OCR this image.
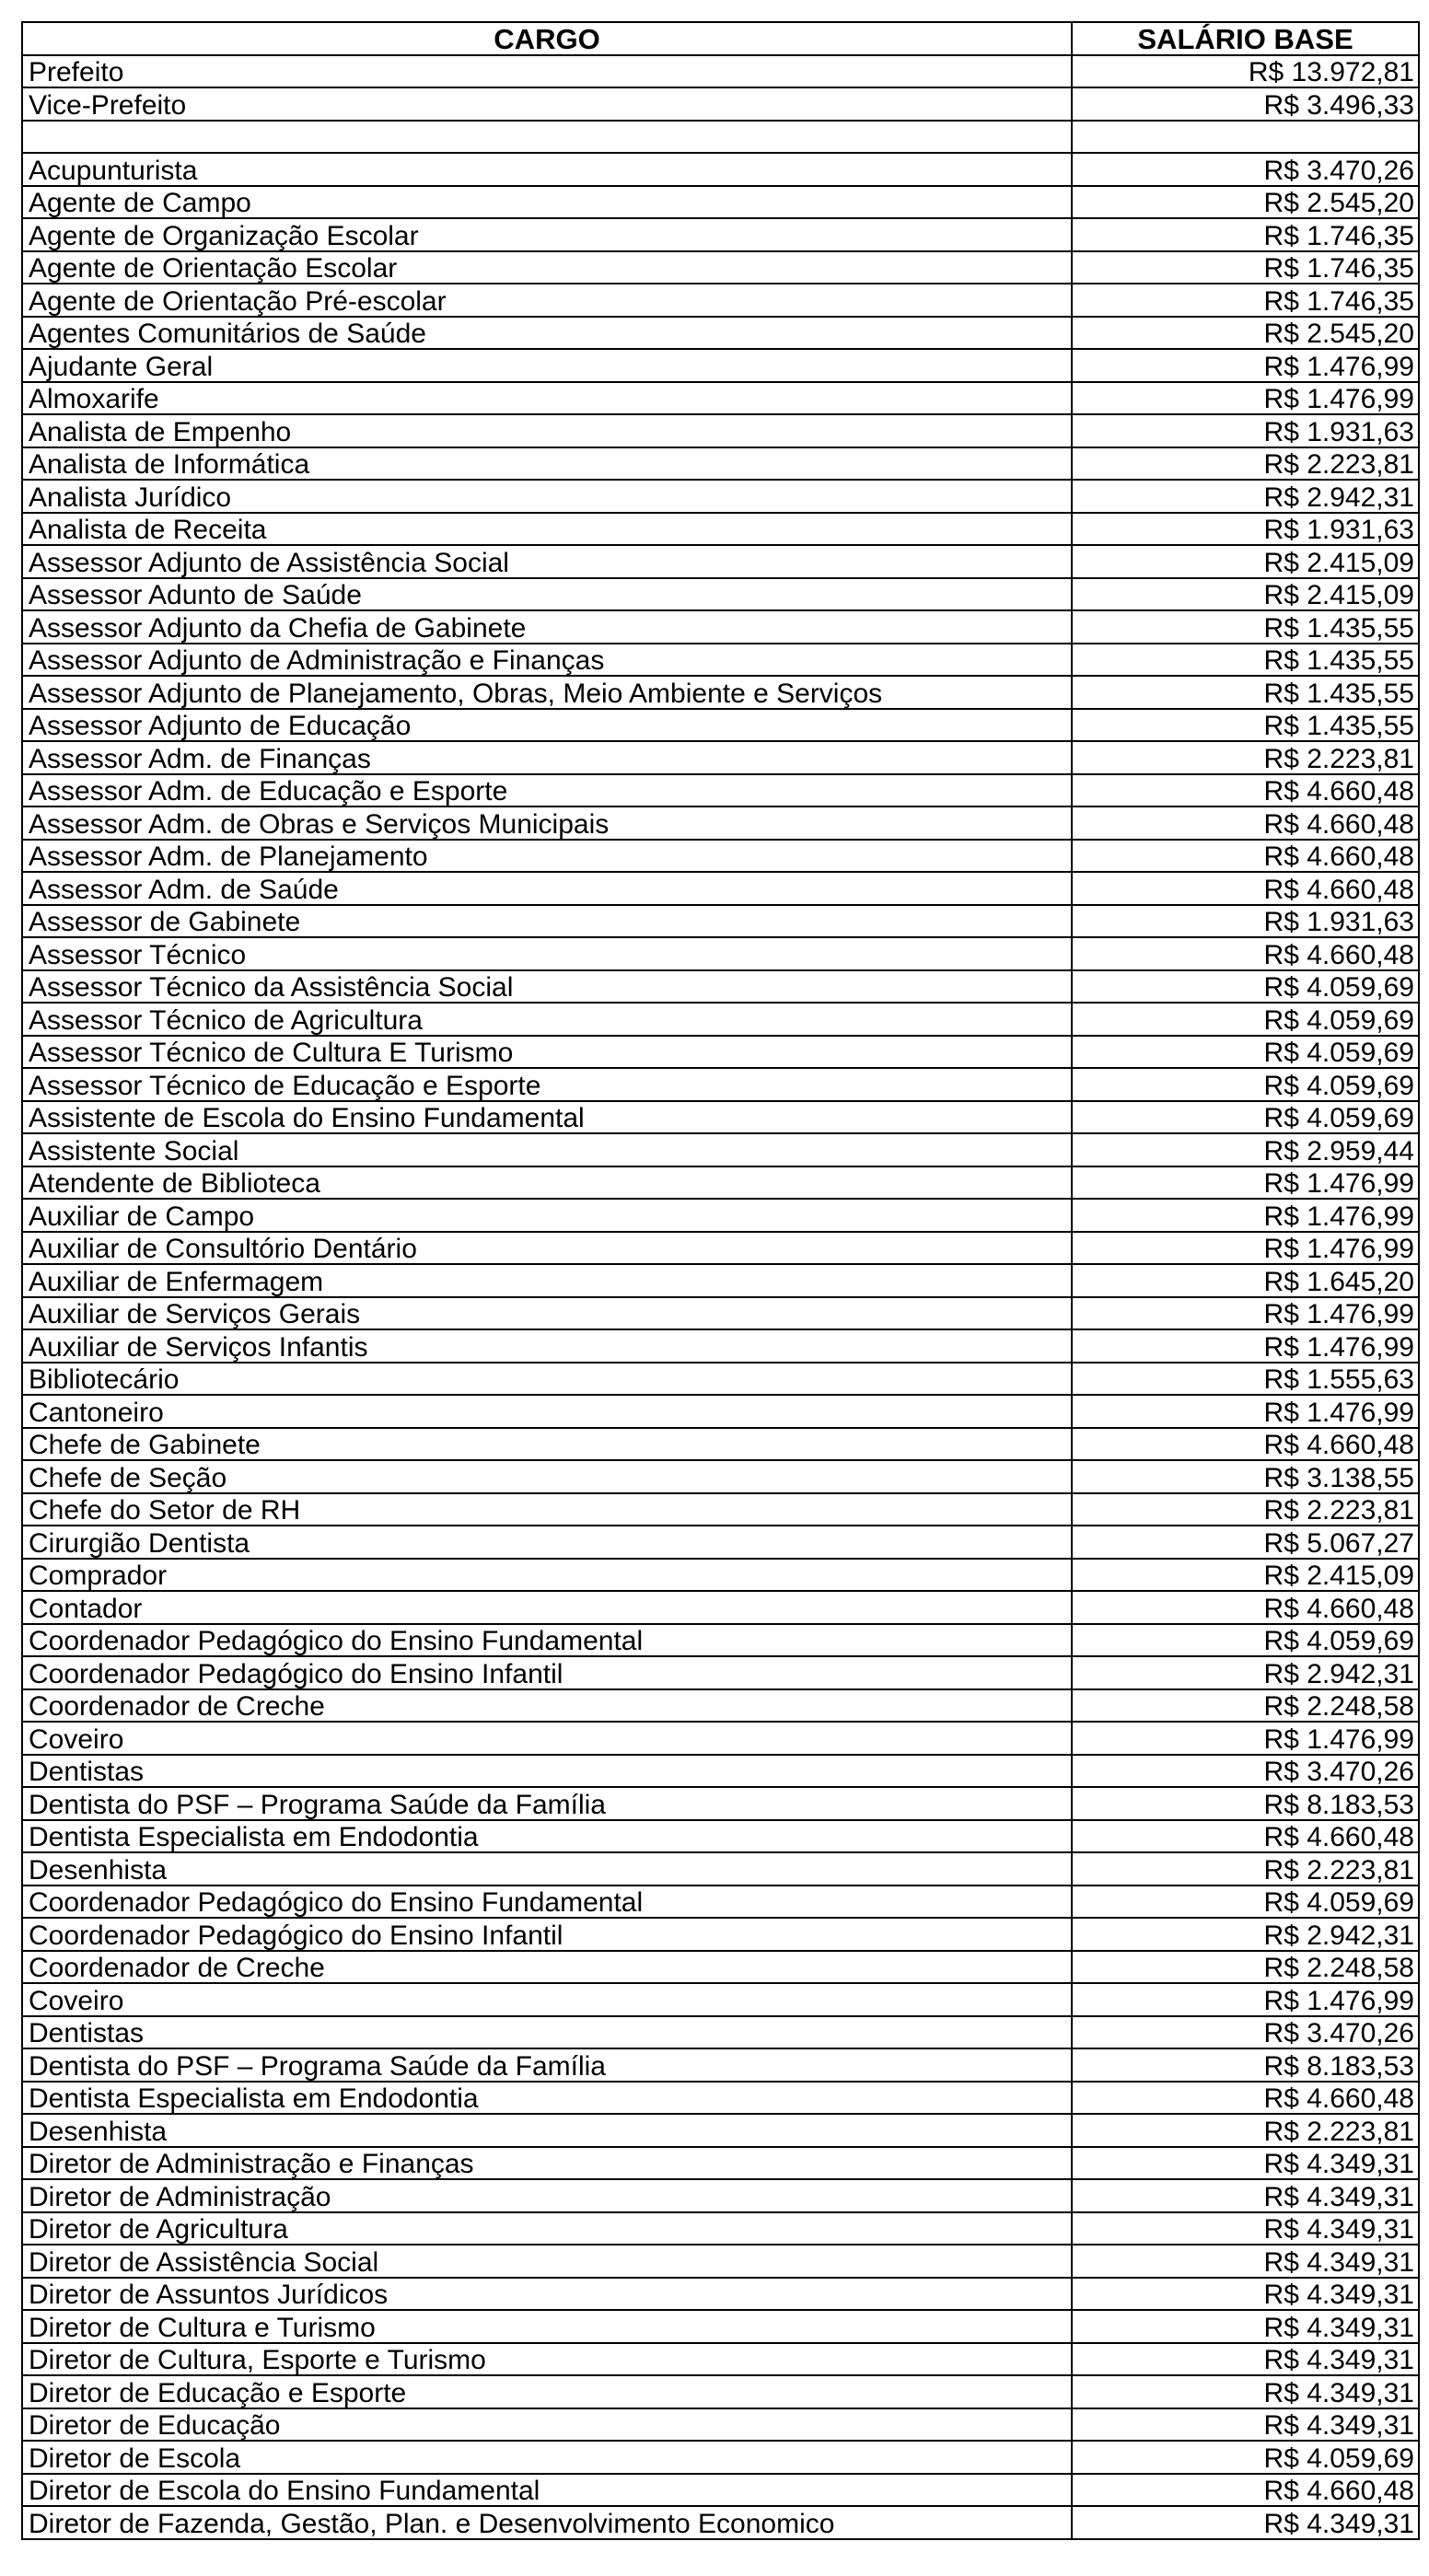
CARGO	SALÁRIO BASE
Prefeito	R$ 13.972,81
Vice-Prefeito	R$ 3.496,33

Acupunturista	R$ 3.470,26
Agente de Campo	R$ 2.545,20
Agente de Organização Escolar	R$ 1.746,35
Agente de Orientação Escolar	R$ 1.746,35
Agente de Orientação Pré-escolar	R$ 1.746,35
Agentes Comunitários de Saúde	R$ 2.545,20
Ajudante Geral	R$ 1.476,99
Almoxarife	R$ 1.476,99
Analista de Empenho	R$ 1.931,63
Analista de Informática	R$ 2.223,81
Analista Jurídico	R$ 2.942,31
Analista de Receita	R$ 1.931,63
Assessor Adjunto de Assistência Social	R$ 2.415,09
Assessor Adunto de Saúde	R$ 2.415,09
Assessor Adjunto da Chefia de Gabinete	R$ 1.435,55
Assessor Adjunto de Administração e Finanças	R$ 1.435,55
Assessor Adjunto de Planejamento, Obras, Meio Ambiente e Serviços	R$ 1.435,55
Assessor Adjunto de Educação	R$ 1.435,55
Assessor Adm. de Finanças	R$ 2.223,81
Assessor Adm. de Educação e Esporte	R$ 4.660,48
Assessor Adm. de Obras e Serviços Municipais	R$ 4.660,48
Assessor Adm. de Planejamento	R$ 4.660,48
Assessor Adm. de Saúde	R$ 4.660,48
Assessor de Gabinete	R$ 1.931,63
Assessor Técnico	R$ 4.660,48
Assessor Técnico da Assistência Social	R$ 4.059,69
Assessor Técnico de Agricultura	R$ 4.059,69
Assessor Técnico de Cultura E Turismo	R$ 4.059,69
Assessor Técnico de Educação e Esporte	R$ 4.059,69
Assistente de Escola do Ensino Fundamental	R$ 4.059,69
Assistente Social	R$ 2.959,44
Atendente de Biblioteca	R$ 1.476,99
Auxiliar de Campo	R$ 1.476,99
Auxiliar de Consultório Dentário	R$ 1.476,99
Auxiliar de Enfermagem	R$ 1.645,20
Auxiliar de Serviços Gerais	R$ 1.476,99
Auxiliar de Serviços Infantis	R$ 1.476,99
Bibliotecário	R$ 1.555,63
Cantoneiro	R$ 1.476,99
Chefe de Gabinete	R$ 4.660,48
Chefe de Seção	R$ 3.138,55
Chefe do Setor de RH	R$ 2.223,81
Cirurgião Dentista	R$ 5.067,27
Comprador	R$ 2.415,09
Contador	R$ 4.660,48
Coordenador Pedagógico do Ensino Fundamental	R$ 4.059,69
Coordenador Pedagógico do Ensino Infantil	R$ 2.942,31
Coordenador de Creche	R$ 2.248,58
Coveiro	R$ 1.476,99
Dentistas	R$ 3.470,26
Dentista do PSF – Programa Saúde da Família	R$ 8.183,53
Dentista Especialista em Endodontia	R$ 4.660,48
Desenhista	R$ 2.223,81
Coordenador Pedagógico do Ensino Fundamental	R$ 4.059,69
Coordenador Pedagógico do Ensino Infantil	R$ 2.942,31
Coordenador de Creche	R$ 2.248,58
Coveiro	R$ 1.476,99
Dentistas	R$ 3.470,26
Dentista do PSF – Programa Saúde da Família	R$ 8.183,53
Dentista Especialista em Endodontia	R$ 4.660,48
Desenhista	R$ 2.223,81
Diretor de Administração e Finanças	R$ 4.349,31
Diretor de Administração	R$ 4.349,31
Diretor de Agricultura	R$ 4.349,31
Diretor de Assistência Social	R$ 4.349,31
Diretor de Assuntos Jurídicos	R$ 4.349,31
Diretor de Cultura e Turismo	R$ 4.349,31
Diretor de Cultura, Esporte e Turismo	R$ 4.349,31
Diretor de Educação e Esporte	R$ 4.349,31
Diretor de Educação	R$ 4.349,31
Diretor de Escola	R$ 4.059,69
Diretor de Escola do Ensino Fundamental	R$ 4.660,48
Diretor de Fazenda, Gestão, Plan. e Desenvolvimento Economico	R$ 4.349,31
